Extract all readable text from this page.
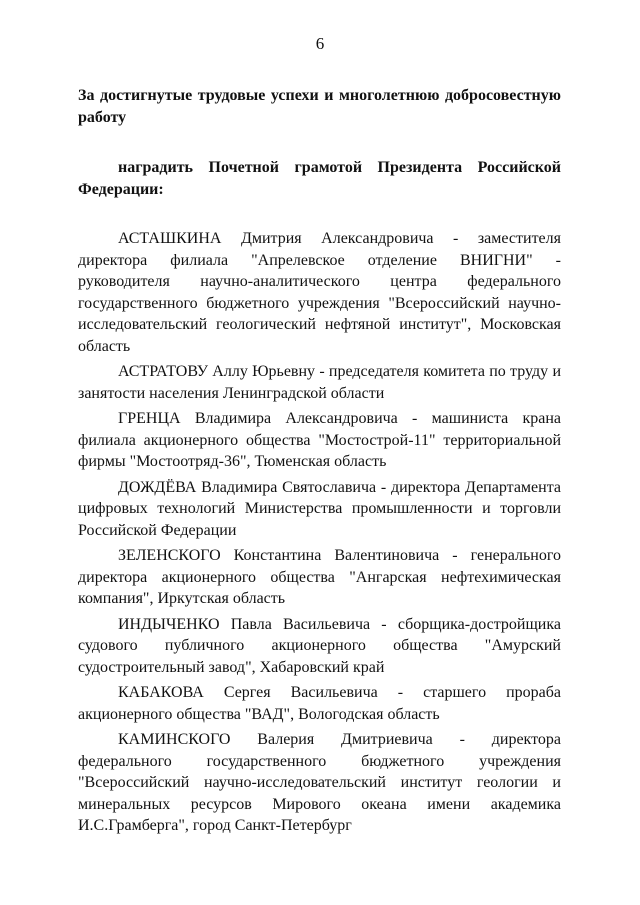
6

За достигнутые трудовые успехи и многолетнюю добросовестную работу

наградить Почетной грамотой Президента Российской Федерации:

АСТАШКИНА Дмитрия Александровича - заместителя директора филиала "Апрелевское отделение ВНИГНИ" - руководителя научно-аналитического центра федерального государственного бюджетного учреждения "Всероссийский научно-исследовательский геологический нефтяной институт", Московская область

АСТРАТОВУ Аллу Юрьевну - председателя комитета по труду и занятости населения Ленинградской области

ГРЕНЦА Владимира Александровича - машиниста крана филиала акционерного общества "Мостострой-11" территориальной фирмы "Мостоотряд-36", Тюменская область

ДОЖДЁВА Владимира Святославича - директора Департамента цифровых технологий Министерства промышленности и торговли Российской Федерации

ЗЕЛЕНСКОГО Константина Валентиновича - генерального директора акционерного общества "Ангарская нефтехимическая компания", Иркутская область

ИНДЫЧЕНКО Павла Васильевича - сборщика-достройщика судового публичного акционерного общества "Амурский судостроительный завод", Хабаровский край

КАБАКОВА Сергея Васильевича - старшего прораба акционерного общества "ВАД", Вологодская область

КАМИНСКОГО Валерия Дмитриевича - директора федерального государственного бюджетного учреждения "Всероссийский научно-исследовательский институт геологии и минеральных ресурсов Мирового океана имени академика И.С.Грамберга", город Санкт-Петербург
